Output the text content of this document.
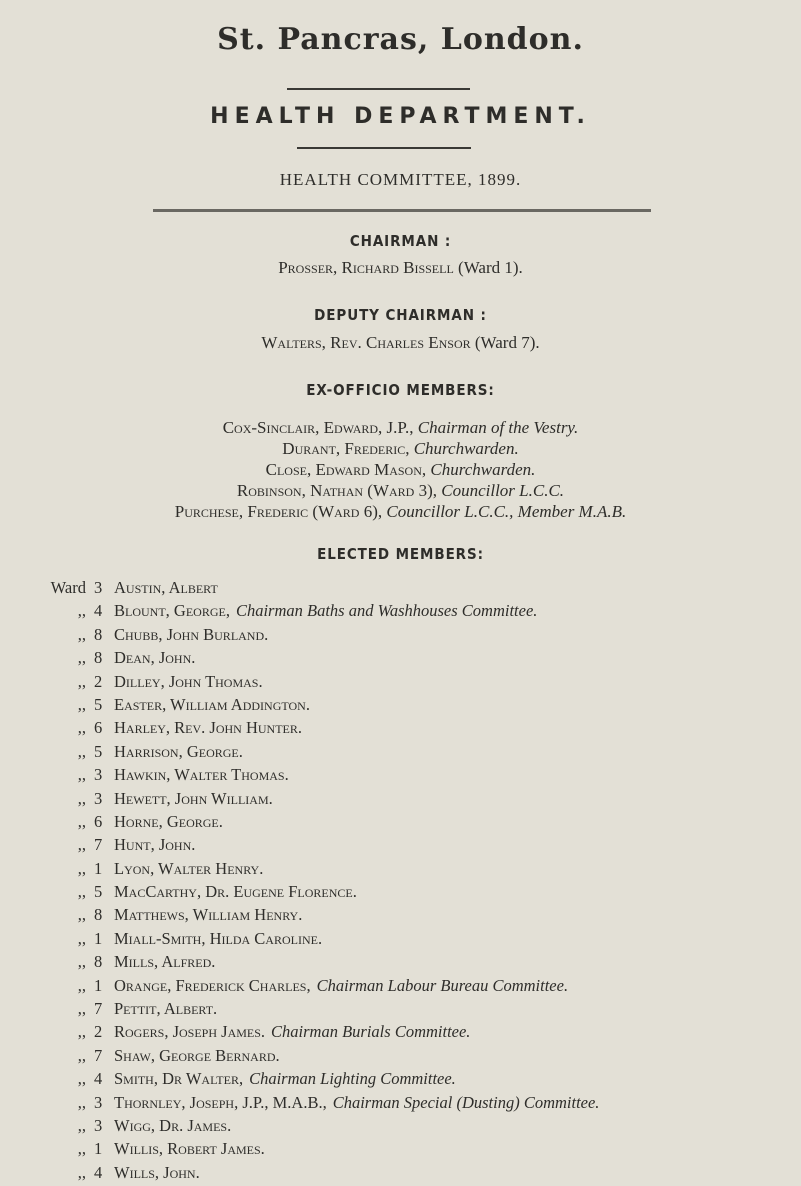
St. Pancras, London.
HEALTH DEPARTMENT.
HEALTH COMMITTEE, 1899.
CHAIRMAN :
Prosser, Richard Bissell (Ward 1).
DEPUTY CHAIRMAN :
Walters, Rev. Charles Ensor (Ward 7).
EX-OFFICIO MEMBERS:
Cox-Sinclair, Edward, J.P., Chairman of the Vestry.
Durant, Frederic, Churchwarden.
Close, Edward Mason, Churchwarden.
Robinson, Nathan (Ward 3), Councillor L.C.C.
Purchese, Frederic (Ward 6), Councillor L.C.C., Member M.A.B.
ELECTED MEMBERS:
Ward 3 Austin, Albert
,, 4 Blount, George, Chairman Baths and Washhouses Committee.
,, 8 Chubb, John Burland.
,, 8 Dean, John.
,, 2 Dilley, John Thomas.
,, 5 Easter, William Addington.
,, 6 Harley, Rev. John Hunter.
,, 5 Harrison, George.
,, 3 Hawkin, Walter Thomas.
,, 3 Hewett, John William.
,, 6 Horne, George.
,, 7 Hunt, John.
,, 1 Lyon, Walter Henry.
,, 5 MacCarthy, Dr. Eugene Florence.
,, 8 Matthews, William Henry.
,, 1 Miall-Smith, Hilda Caroline.
,, 8 Mills, Alfred.
,, 1 Orange, Frederick Charles, Chairman Labour Bureau Committee.
,, 7 Pettit, Albert.
,, 2 Rogers, Joseph James. Chairman Burials Committee.
,, 7 Shaw, George Bernard.
,, 4 Smith, Dr Walter, Chairman Lighting Committee.
,, 3 Thornley, Joseph, J.P., M.A.B., Chairman Special (Dusting) Committee.
,, 3 Wigg, Dr. James.
,, 1 Willis, Robert James.
,, 4 Wills, John.
